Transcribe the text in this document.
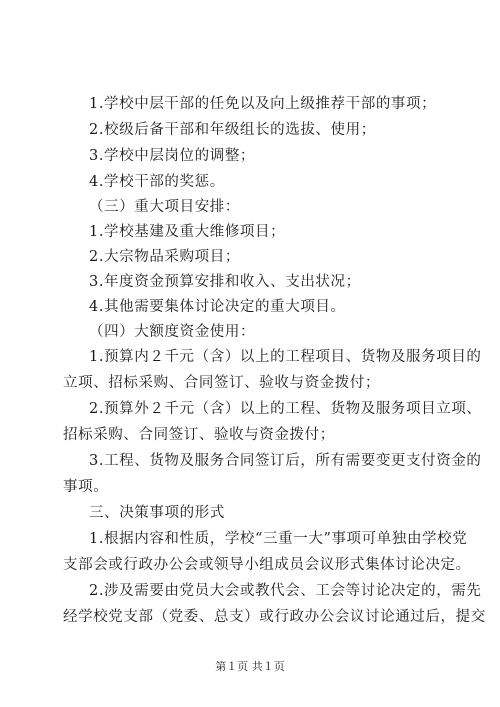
1.学校中层干部的任免以及向上级推荐干部的事项；
2.校级后备干部和年级组长的选拔、使用；
3.学校中层岗位的调整；
4.学校干部的奖惩。
（三）重大项目安排：
1.学校基建及重大维修项目；
2.大宗物品采购项目；
3.年度资金预算安排和收入、支出状况；
4.其他需要集体讨论决定的重大项目。
（四）大额度资金使用：
1.预算内２千元（含）以上的工程项目、货物及服务项目的
立项、招标采购、合同签订、验收与资金拨付；
2.预算外２千元（含）以上的工程、货物及服务项目立项、
招标采购、合同签订、验收与资金拨付；
3.工程、货物及服务合同签订后，所有需要变更支付资金的
事项。
三、决策事项的形式
1.根据内容和性质，学校“三重一大”事项可单独由学校党
支部会或行政办公会或领导小组成员会议形式集体讨论决定。
2.涉及需要由党员大会或教代会、工会等讨论决定的，需先
经学校党支部（党委、总支）或行政办公会议讨论通过后，提交
第１页 共１页
